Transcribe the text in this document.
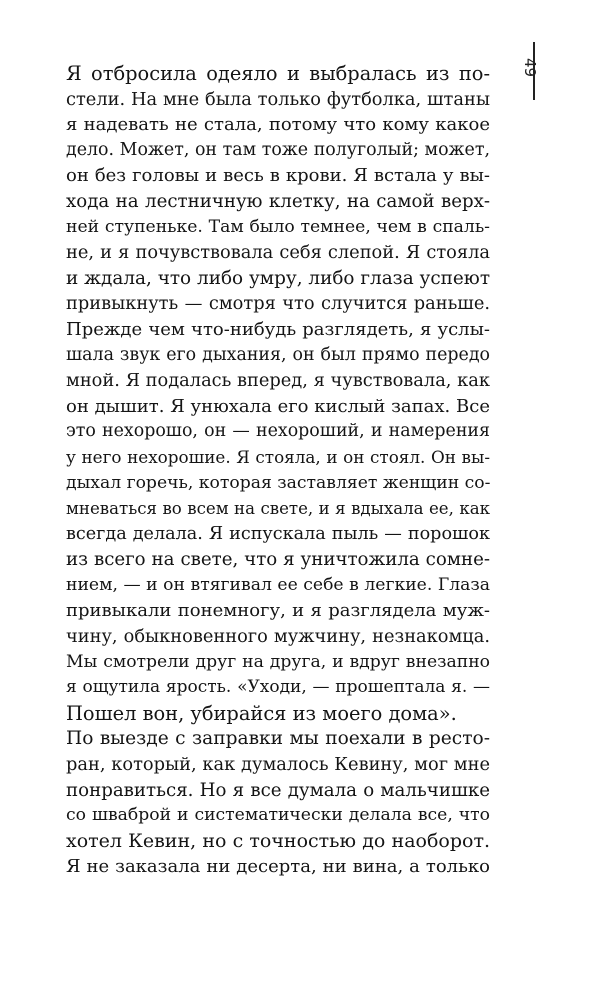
49
Я отбросила одеяло и выбралась из по-
стели. На мне была только футболка, штаны
я надевать не стала, потому что кому какое
дело. Может, он там тоже полуголый; может,
он без головы и весь в крови. Я встала у вы-
хода на лестничную клетку, на самой верх-
ней ступеньке. Там было темнее, чем в спаль-
не, и я почувствовала себя слепой. Я стояла
и ждала, что либо умру, либо глаза успеют
привыкнуть — смотря что случится раньше.
Прежде чем что-нибудь разглядеть, я услы-
шала звук его дыхания, он был прямо передо
мной. Я подалась вперед, я чувствовала, как
он дышит. Я унюхала его кислый запах. Все
это нехорошо, он — нехороший, и намерения
у него нехорошие. Я стояла, и он стоял. Он вы-
дыхал горечь, которая заставляет женщин со-
мневаться во всем на свете, и я вдыхала ее, как
всегда делала. Я испускала пыль — порошок
из всего на свете, что я уничтожила сомне-
нием, — и он втягивал ее себе в легкие. Глаза
привыкали понемногу, и я разглядела муж-
чину, обыкновенного мужчину, незнакомца.
Мы смотрели друг на друга, и вдруг внезапно
я ощутила ярость. «Уходи, — прошептала я. —
Пошел вон, убирайся из моего дома».
По выезде с заправки мы поехали в ресто-
ран, который, как думалось Кевину, мог мне
понравиться. Но я все думала о мальчишке
со шваброй и систематически делала все, что
хотел Кевин, но с точностью до наоборот.
Я не заказала ни десерта, ни вина, а только
